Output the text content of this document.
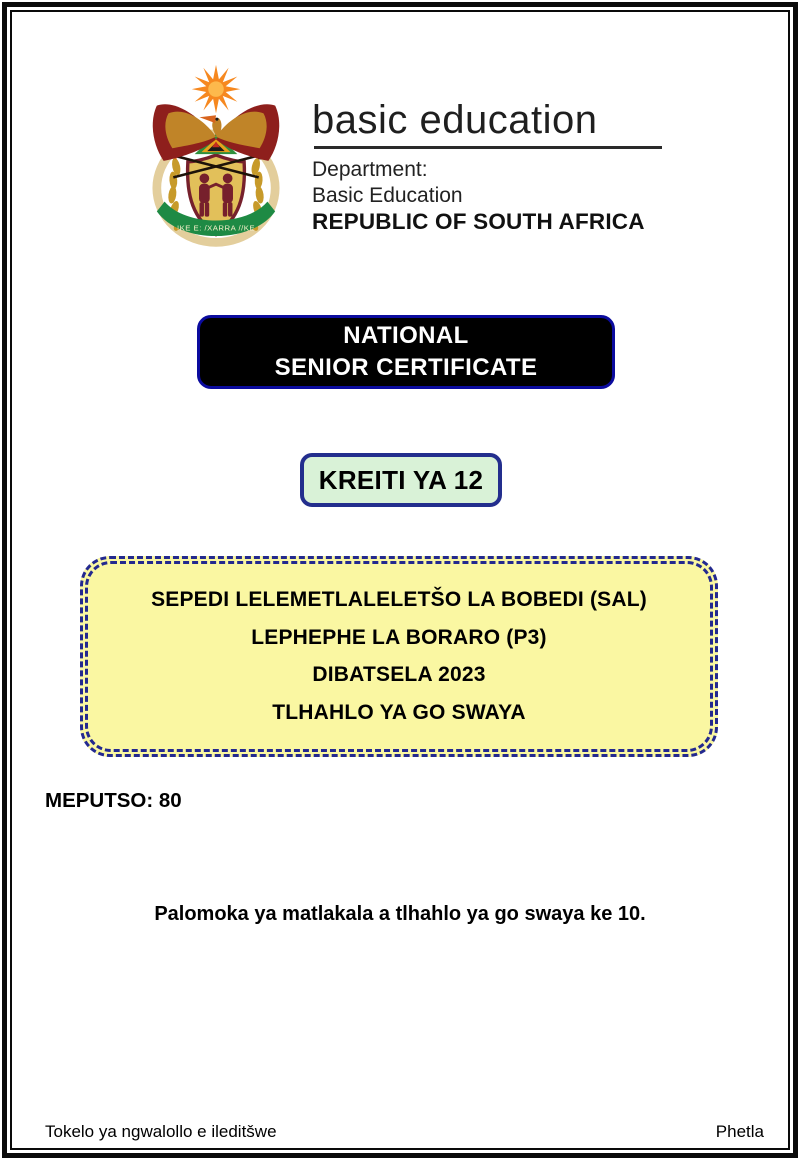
!KE E: /XARRA //KE
basic education
Department:
Basic Education
REPUBLIC OF SOUTH AFRICA
NATIONAL
SENIOR CERTIFICATE
KREITI YA 12
SEPEDI LELEMETLALELETŠO LA BOBEDI (SAL)
LEPHEPHE LA BORARO (P3)
DIBATSELA 2023
TLHAHLO YA GO SWAYA
MEPUTSO: 80
Palomoka ya matlakala a tlhahlo ya go swaya ke 10.
Tokelo ya ngwalollo e ileditšwe	Phetla
